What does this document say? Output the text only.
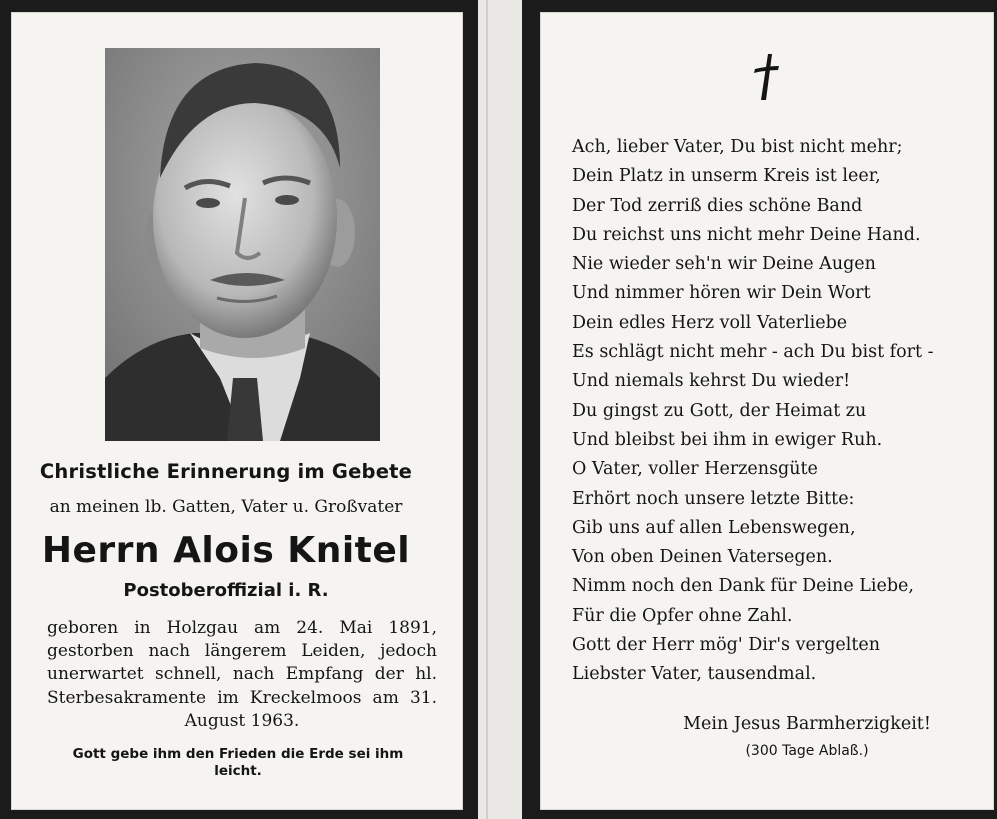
Christliche Erinnerung im Gebete
an meinen lb. Gatten, Vater u. Großvater
Herrn Alois Knitel
Postoberoffizial i. R.
geboren in Holzgau am 24. Mai 1891, gestorben nach längerem Leiden, jedoch unerwartet schnell, nach Empfang der hl. Sterbesakramente im Kreckelmoos am 31. August 1963.
Gott gebe ihm den Frieden die Erde sei ihm leicht.
Ach, lieber Vater, Du bist nicht mehr;
Dein Platz in unserm Kreis ist leer,
Der Tod zerriß dies schöne Band
Du reichst uns nicht mehr Deine Hand.
Nie wieder seh'n wir Deine Augen
Und nimmer hören wir Dein Wort
Dein edles Herz voll Vaterliebe
Es schlägt nicht mehr - ach Du bist fort -
Und niemals kehrst Du wieder!
Du gingst zu Gott, der Heimat zu
Und bleibst bei ihm in ewiger Ruh.
O Vater, voller Herzensgüte
Erhört noch unsere letzte Bitte:
Gib uns auf allen Lebenswegen,
Von oben Deinen Vatersegen.
Nimm noch den Dank für Deine Liebe,
Für die Opfer ohne Zahl.
Gott der Herr mög' Dir's vergelten
Liebster Vater, tausendmal.
Mein Jesus Barmherzigkeit!
(300 Tage Ablaß.)
